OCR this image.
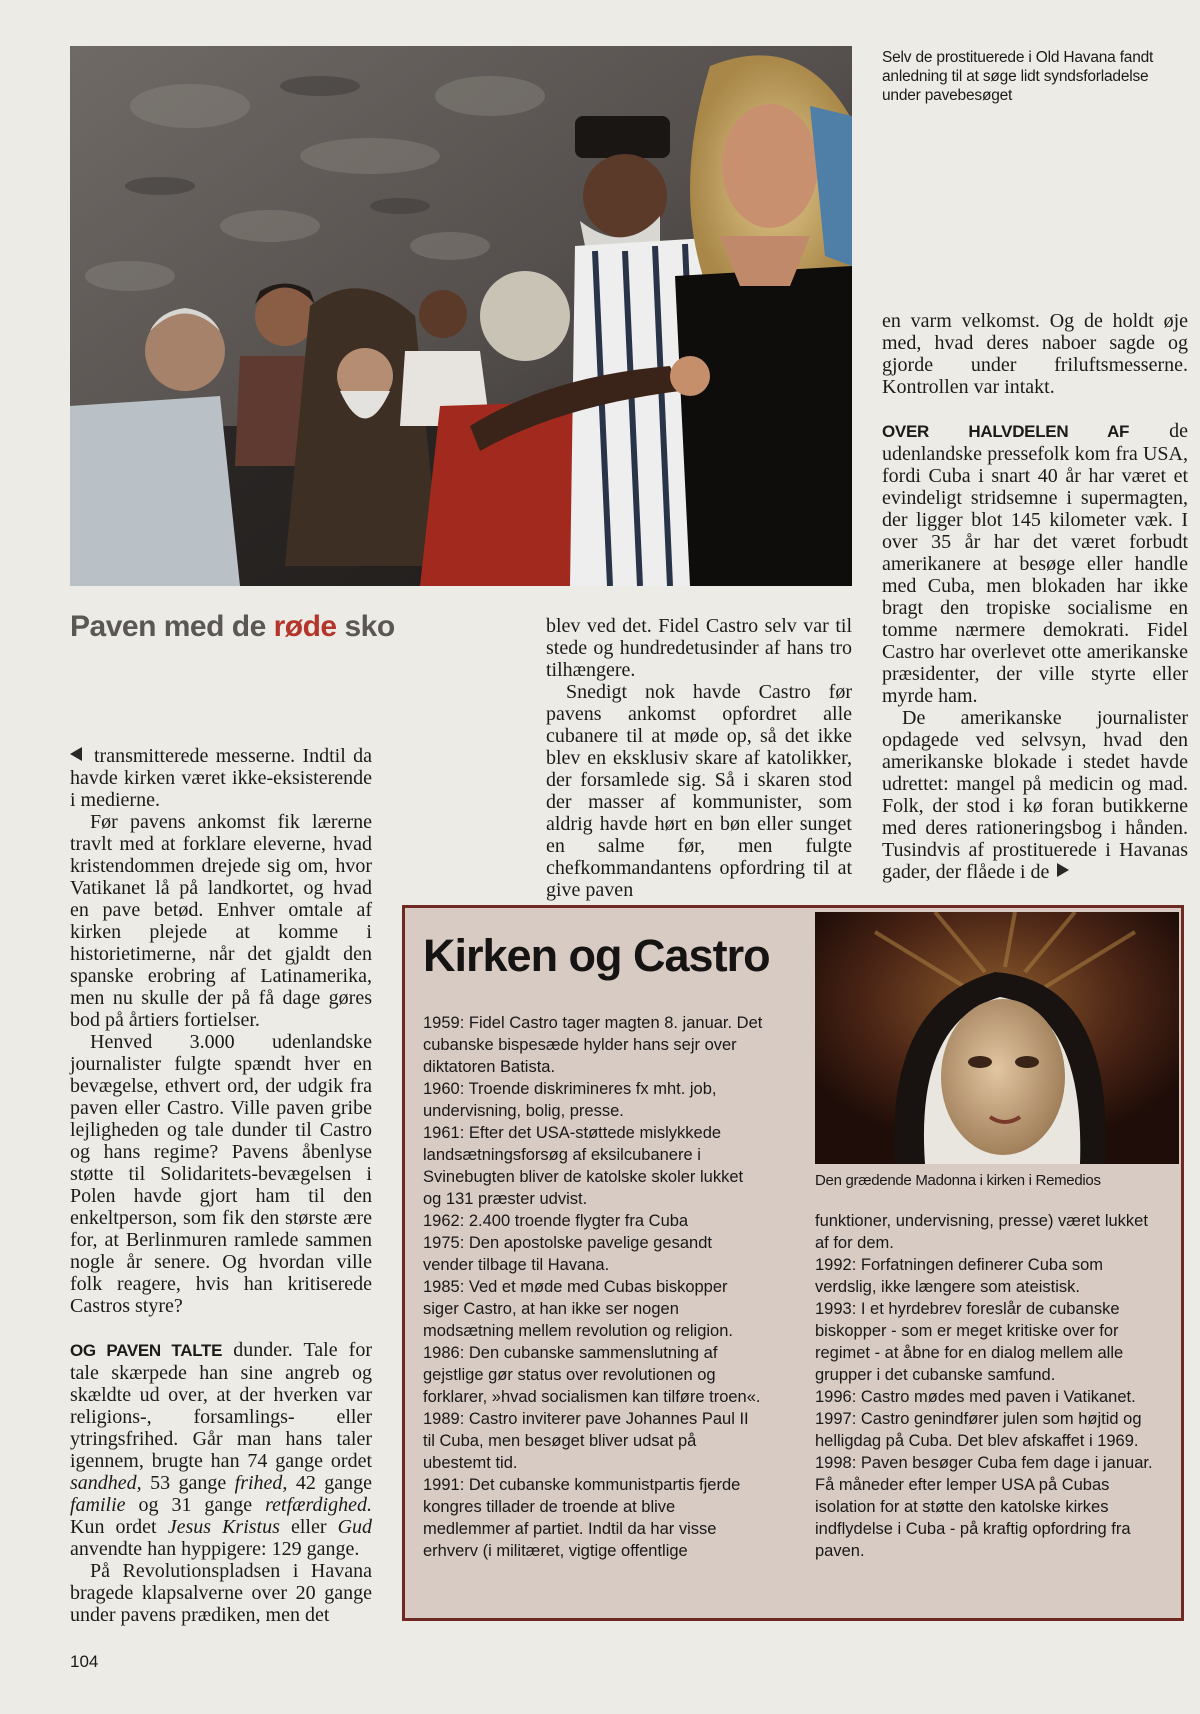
Selv de prostituerede i Old Havana fandt anledning til at søge lidt syndsforladelse under pavebesøget
Paven med de røde sko

transmitterede messerne. Indtil da havde kirken været ikke-eksisterende i medierne.

Før pavens ankomst fik lærerne travlt med at forklare eleverne, hvad kristendommen drejede sig om, hvor Vatikanet lå på landkortet, og hvad en pave betød. Enhver omtale af kirken plejede at komme i historietimerne, når det gjaldt den spanske erobring af Latinamerika, men nu skulle der på få dage gøres bod på årtiers fortielser.

Henved 3.000 udenlandske journalister fulgte spændt hver en bevægelse, ethvert ord, der udgik fra paven eller Castro. Ville paven gribe lejligheden og tale dunder til Castro og hans regime? Pavens åbenlyse støtte til Solidaritets-bevægelsen i Polen havde gjort ham til den enkeltperson, som fik den største ære for, at Berlinmuren ramlede sammen nogle år senere. Og hvordan ville folk reagere, hvis han kritiserede Castros styre?

OG PAVEN TALTE dunder. Tale for tale skærpede han sine angreb og skældte ud over, at der hverken var religions-, forsamlings- eller ytringsfrihed. Går man hans taler igennem, brugte han 74 gange ordet sandhed, 53 gange frihed, 42 gange familie og 31 gange retfærdighed. Kun ordet Jesus Kristus eller Gud anvendte han hyppigere: 129 gange.

På Revolutionspladsen i Havana bragede klapsalverne over 20 gange under pavens prædiken, men det

blev ved det. Fidel Castro selv var til stede og hundredetusinder af hans tro tilhængere.

Snedigt nok havde Castro før pavens ankomst opfordret alle cubanere til at møde op, så det ikke blev en eksklusiv skare af katolikker, der forsamlede sig. Så i skaren stod der masser af kommunister, som aldrig havde hørt en bøn eller sunget en salme før, men fulgte chefkommandantens opfordring til at give paven

en varm velkomst. Og de holdt øje med, hvad deres naboer sagde og gjorde under friluftsmesserne. Kontrollen var intakt.

OVER HALVDELEN AF de udenlandske pressefolk kom fra USA, fordi Cuba i snart 40 år har været et evindeligt stridsemne i supermagten, der ligger blot 145 kilometer væk. I over 35 år har det været forbudt amerikanere at besøge eller handle med Cuba, men blokaden har ikke bragt den tropiske socialisme en tomme nærmere demokrati. Fidel Castro har overlevet otte amerikanske præsidenter, der ville styrte eller myrde ham.

De amerikanske journalister opdagede ved selvsyn, hvad den amerikanske blokade i stedet havde udrettet: mangel på medicin og mad. Folk, der stod i kø foran butikkerne med deres rationeringsbog i hånden. Tusindvis af prostituerede i Havanas gader, der flåede i de

Kirken og Castro

1959: Fidel Castro tager magten 8. januar. Det cubanske bispesæde hylder hans sejr over diktatoren Batista.

1960: Troende diskrimineres fx mht. job, undervisning, bolig, presse.

1961: Efter det USA-støttede mislykkede landsætningsforsøg af eksilcubanere i Svinebugten bliver de katolske skoler lukket og 131 præster udvist.

1962: 2.400 troende flygter fra Cuba

1975: Den apostolske pavelige gesandt vender tilbage til Havana.

1985: Ved et møde med Cubas biskopper siger Castro, at han ikke ser nogen modsætning mellem revolution og religion.

1986: Den cubanske sammenslutning af gejstlige gør status over revolutionen og forklarer, »hvad socialismen kan tilføre troen«.

1989: Castro inviterer pave Johannes Paul II til Cuba, men besøget bliver udsat på ubestemt tid.

1991: Det cubanske kommunistpartis fjerde kongres tillader de troende at blive medlemmer af partiet. Indtil da har visse erhverv (i militæret, vigtige offentlige

Den grædende Madonna i kirken i Remedios

funktioner, undervisning, presse) været lukket af for dem.

1992: Forfatningen definerer Cuba som verdslig, ikke længere som ateistisk.

1993: I et hyrdebrev foreslår de cubanske biskopper - som er meget kritiske over for regimet - at åbne for en dialog mellem alle grupper i det cubanske samfund.

1996: Castro mødes med paven i Vatikanet.

1997: Castro genindfører julen som højtid og helligdag på Cuba. Det blev afskaffet i 1969.

1998: Paven besøger Cuba fem dage i januar. Få måneder efter lemper USA på Cubas isolation for at støtte den katolske kirkes indflydelse i Cuba - på kraftig opfordring fra paven.

104
